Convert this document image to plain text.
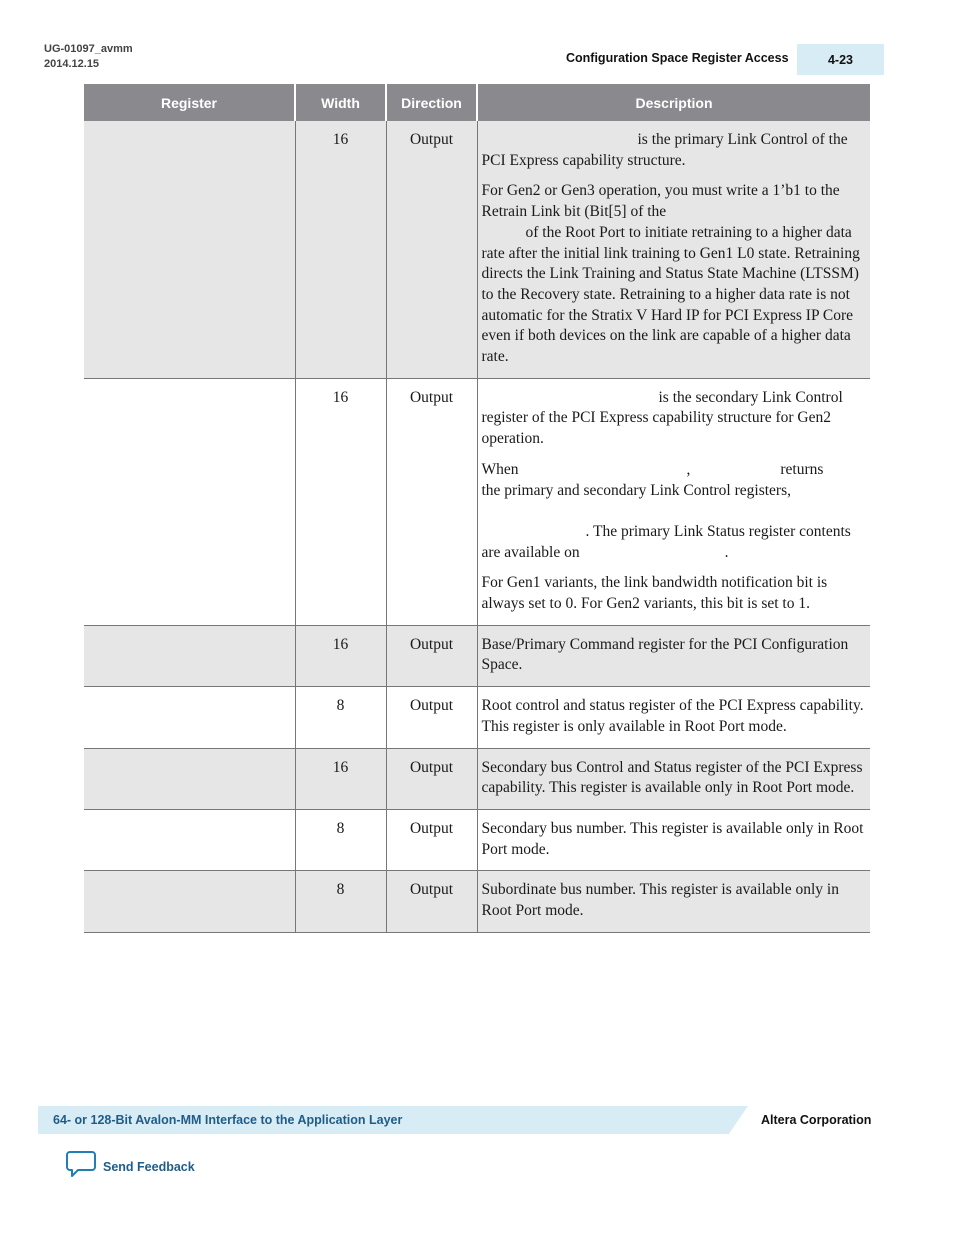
UG-01097_avmm
2014.12.15	Configuration Space Register Access	4-23
Register	Width	Direction	Description
	16	Output	is the primary Link Control of the PCI Express capability structure.

For Gen2 or Gen3 operation, you must write a 1’b1 to the Retrain Link bit (Bit[5] of the
of the Root Port to initiate retraining to a higher data rate after the initial link training to Gen1 L0 state. Retraining directs the Link Training and Status State Machine (LTSSM) to the Recovery state. Retraining to a higher data rate is not automatic for the Stratix V Hard IP for PCI Express IP Core even if both devices on the link are capable of a higher data rate.

	16	Output	is the secondary Link Control register of the PCI Express capability structure for Gen2 operation.

When , returns
the primary and secondary Link Control registers,

. The primary Link Status register contents are available on .

For Gen1 variants, the link bandwidth notification bit is always set to 0. For Gen2 variants, this bit is set to 1.

	16	Output	Base/Primary Command register for the PCI Configuration Space.
	8	Output	Root control and status register of the PCI Express capability. This register is only available in Root Port mode.
	16	Output	Secondary bus Control and Status register of the PCI Express capability. This register is available only in Root Port mode.
	8	Output	Secondary bus number. This register is available only in Root Port mode.
	8	Output	Subordinate bus number. This register is available only in Root Port mode.
64- or 128-Bit Avalon-MM Interface to the Application Layer	Altera Corporation
Send Feedback
